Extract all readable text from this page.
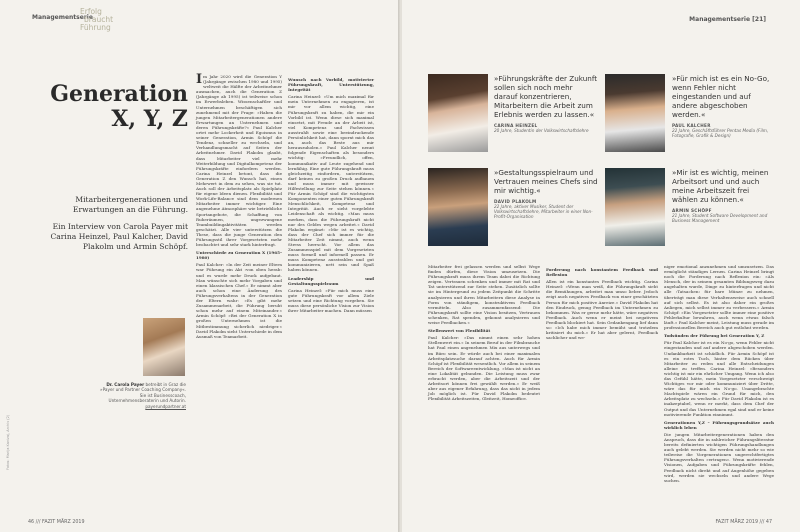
Fotos: Marija Kanizaj, Archiv (2)
Managementserie
Erfolg
braucht
Führung
Generation
X, Y, Z

Mitarbeitergenerationen und Erwartungen an die Führung.

Ein Interview von Carola Payer mit Carina Heinzel, Paul Kalcher, David Plakolm und Armin Schöpf.

Dr. Carola Payer betreibt in Graz die »Payer und Partner Coaching Company«. Sie ist Businesscoach, Unternehmensberaterin und Autorin. payerundpartner.at

Im Jahr 2020 wird die Generation Y (Jahrgänge zwischen 1980 und 1995) weltweit die Hälfte der Arbeitnehmer ausmachen, auch die Generation Z (Jahrgänge ab 1995) ist teilweise schon im Erwerbsleben. Wissenschaftler und Unternehmen beschäftigen sich zunehmend mit der Frage: »Haben die jungen Mitarbeitergenerationen andere Erwartungen an Unternehmen und deren Führungskräfte?« Paul Kalcher ortet mehr Lockerheit und Egoismus in seiner Generation, Armin Schöpf die Tendenz, schneller zu wechseln, und Verhandlungsmacht auf Seiten der Arbeitnehmer. David Plakolm glaubt, dass Mitarbeiter viel mehr Weiterbildung und Digitalkompetenz der Führungskräfte einfordern werden. Carina Heinzel betont, dass die Generation Z den Wunsch hat, einen Mehrwert in dem zu sehen, was sie tut. Auch soll der Arbeitsplatz als Spielplatz für eigene Ideen dienen. Flexibilität und Work-Life-Balance sind dem modernen Mitarbeiter immer wichtiger. Eine angenehme Atmosphäre wie betriebliche Sportangebote, die Schaffung von Ruheräumen, ungezwungene Teambuildingaktivitäten werden geschätzt. Alle vier unterstützen die These, dass die junge Generation den Führungsstil ihrer Vorgesetzten mehr beobachtet und sehr stark hinterfragt.

Unterschiede zu Generation X (1965–1980)

Paul Kalcher: »In der Zeit meiner Eltern war Führung ein Akt ›von oben herab‹ und es wurde mehr Druck aufgebaut. Man wünschte sich mehr Vorgaben und einen klassischen Chef.« Er nimmt aber auch schon eine Änderung des Führungsverhaltens in der Generation der Eltern wahr: »Es gibt mehr Zusammenarbeit, die Führung beruht schon mehr auf einem Miteinander.« Armin Schöpf: »Bei der Generation X in großen Unternehmen ist die Mitbestimmung sicherlich niedriger.« David Plakolm sieht Unterschiede in dem Ausmaß von Teamarbeit.

Wunsch nach Vorbild, motivierter Führungskraft, Unterstützung, Integrität

Carina Heinzel: »Um mich maximal für mein Unternehmen zu engagieren, ist mir vor allem wichtig, eine Führungskraft zu haben, die mir ein Vorbild ist. Wenn diese sich maximal einsetzt, mit Freude an der Arbeit ist, viel Kompetenz und Fachwissen ausstrahlt sowie eine beeindruckende Persönlichkeit hat, dann spornt mich das an, auch das Beste aus mir herauszuholen.« Paul Kalcher nennt folgende Eigenschaften als besonders wichtig: »Freundlich, offen, kommunikativ auf Leute zugehend und lernfähig. Eine gute Führungskraft muss gleichzeitig einfordern, unterstützen, darf keinen zu großen Druck aufbauen und muss immer mit gewisser Hilfestellung zur Seite stehen können.« Für Armin Schöpf sind die wichtigsten Komponenten einer guten Führungskraft Menschlichkeit, Kompetenz und Integrität. Auch er sieht vorgelebte Leidenschaft als wichtig. »Man muss merken, dass die Führungskraft nicht nur des Geldes wegen arbeitet.« David Plakolm ergänzt: »Mir ist es wichtig, dass der Chef sich immer für die Mitarbeiter Zeit nimmt, auch wenn Stress herrscht. Vor allem das Zusammenspiel mit dem Vorgesetzten muss formell und informell passen. Er muss Kompetenz ausstrahlen und gut kommunizieren, nett sein und Spaß haben können.

Leadership und Gestaltungsspielraum

Carina Heinzel: »Für mich muss eine gute Führungskraft vor allem Ziele setzen und eine Richtung vorgeben. Sie muss diese persönliche Vision zur Vision ihrer Mitarbeiter machen. Dann müssen

46 /// FAZIT MÄRZ 2019
Managementserie [21]
»Führungskräfte der Zukunft sollen sich noch mehr darauf konzentrieren, Mitarbeitern die Arbeit zum Erlebnis werden zu lassen.«
CARINA HEINZEL
20 Jahre, Studentin der Volkswirtschaftslehre
»Für mich ist es ein No-Go, wenn Fehler nicht eingestanden und auf andere abgeschoben werden.«
PAUL KALCHER
22 Jahre, Geschäftsführer Pentas Media (Film, Fotografie, Grafik & Design)
»Gestaltungsspielraum und Vertrauen meines Chefs sind mir wichtig.«
DAVID PLAKOLM
22 Jahre, aktiver Musiker, Student der Volkswirtschaftslehre, Mitarbeiter in einer Non-Profit-Organisation
»Mir ist es wichtig, meinen Arbeitsort und und auch meine Arbeitszeit frei wählen zu können.«
ARMIN SCHÖPF
21 Jahre, Student Software Development and Business Management

Mitarbeiter frei gelassen werden und selbst Wege finden dürfen, diese Vision umzusetzen. Die Führungskraft muss ihrem Team dabei die Richtung zeigen. Vertrauen schenken und immer mit Rat und Tat unterstützend zur Seite stehen. Zusätzlich sollte sie im Hintergrund zu jedem Zeitpunkt die Schritte analysieren und ihren Mitarbeitern diese Analyse in Form von ständigem, konstruktivem Feedback vermitteln. Also zusammenfassend: Die Führungskraft sollte eine Vision besitzen, Vertrauen schenken, Rat spenden, gekonnt analysieren und weise Feedbacken.«

Stellenwert von Flexibilität

Paul Kalcher: »Das nimmt einen sehr hohen Stellenwert ein.« In seinem Beruf in der Filmbranche hat Paul einen angenehmen Mix aus unterwegs und im Büro sein. Er würde auch bei einer maximalen Arbeitsplatzsuche darauf achten. Auch für Armin Schöpf ist Flexibilität wesentlich. Vor allem in seinem Bereich der Softwareentwicklung. »Man ist nicht an eine Lokalität gebunden. Die Leistung muss zwar erbracht werden, aber die Arbeitszeit und der Arbeitsort können frei gewählt werden.« Er weiß aber aus eigener Erfahrung, dass das nicht in jedem Job möglich ist. Für David Plakolm bedeutet Flexibilität Arbeitszeiten, Gleitzeit, Homeoffice.

Forderung nach konstantem Feedback und Reflexion

Allen ist ein konstantes Feedback wichtig. Carina Heinzel: »Wenn man weiß, die Führungskraft sieht die Bemühungen, arbeitet man umso lieber. Jedoch zeigt auch negatives Feedback von einer geschätzten Person für mich positive Anreize.« David Plakolm hat den Eindruck, genug Feedback im Unternehmen zu bekommen. Was er gerne mehr hätte, wäre negatives Feedback. Auch wenn er meint bei negativem Feedback blockiert hat. Sein Gedankengang lief dann so: »Ich habe mich immer bemüht und trotzdem kritisiert du mich.« Er hat aber gelernt, Feedback sachlicher und we-

niger emotional anzunehmen und umzusetzen. Das ermöglicht ständiges Lernen. Carina Heinzel bringt noch die Forderung nach Reflexion ein: »Als Mensch, der in seinem gesamten Bildungsweg dazu angehalten wurde, Dinge zu hinterfragen und nicht alle ›Tatsachen‹ für bare Münze zu nehmen, überträgt man diese Verhaltensweise auch schnell auf sich selbst. Es ist also daher ein großes Anliegen, mich selbst immer zu verbessern.« Armin Schöpf: »Ein Vorgesetzter sollte immer eine positive Fehlerkultur bewahren, auch wenn etwas falsch läuft.« Paul Kalcher meint, Leistung muss gerade im professionellen Bereich auch gut entlohnt werden.

Todsünden der Führung bei Generation Y, Z

Für Paul Kalcher ist es ein No-go, wenn Fehler nicht eingestanden und auf andere abgeschoben werden. Undankbarkeit ist schädlich. Für Armin Schöpf ist es ein rotes Tuch, hinter dem Rücken über Mitarbeiter zu reden und alle Entscheidungen alleine zu treffen. Carina Heinzel: »Besonders wichtig ist mir ein ehrlicher Umgang. Wenn ich also das Gefühl hätte, mein Vorgesetzter verschweigt Wichtiges vor mir oder kommuniziert über Dritte, wäre das für mich ein No-go. Unangebrachte Machtspiele wären ein Grund für mich, den Arbeitsplatz zu wechseln.« Für David Plakolm ist es inakzeptabel, wenn er merkt, dass dem Chef der Output und das Unternehmen egal sind und er keine motivierende Funktion einnimmt.

Generationen Y,Z – Führungsgrundsätze auch wirklich leben

Die jungen Mitarbeitergenerationen haben den Anspruch, dass die in zahlreicher Führungsliteratur bereits definierten wichtigen Führungshandlungen auch gelebt werden. Sie werden nicht mehr so wie teilweise die Vorgenerationen ungerechtfertigtes Führungsverhalten »ertragen«. Wenn motivierende Visionen, Aufgaben und Führungskräfte fehlen, Feedback nicht direkt und auf Augenhöhe gegeben wird, werden sie wechseln und andere Wege suchen.

FAZIT MÄRZ 2019 /// 47
